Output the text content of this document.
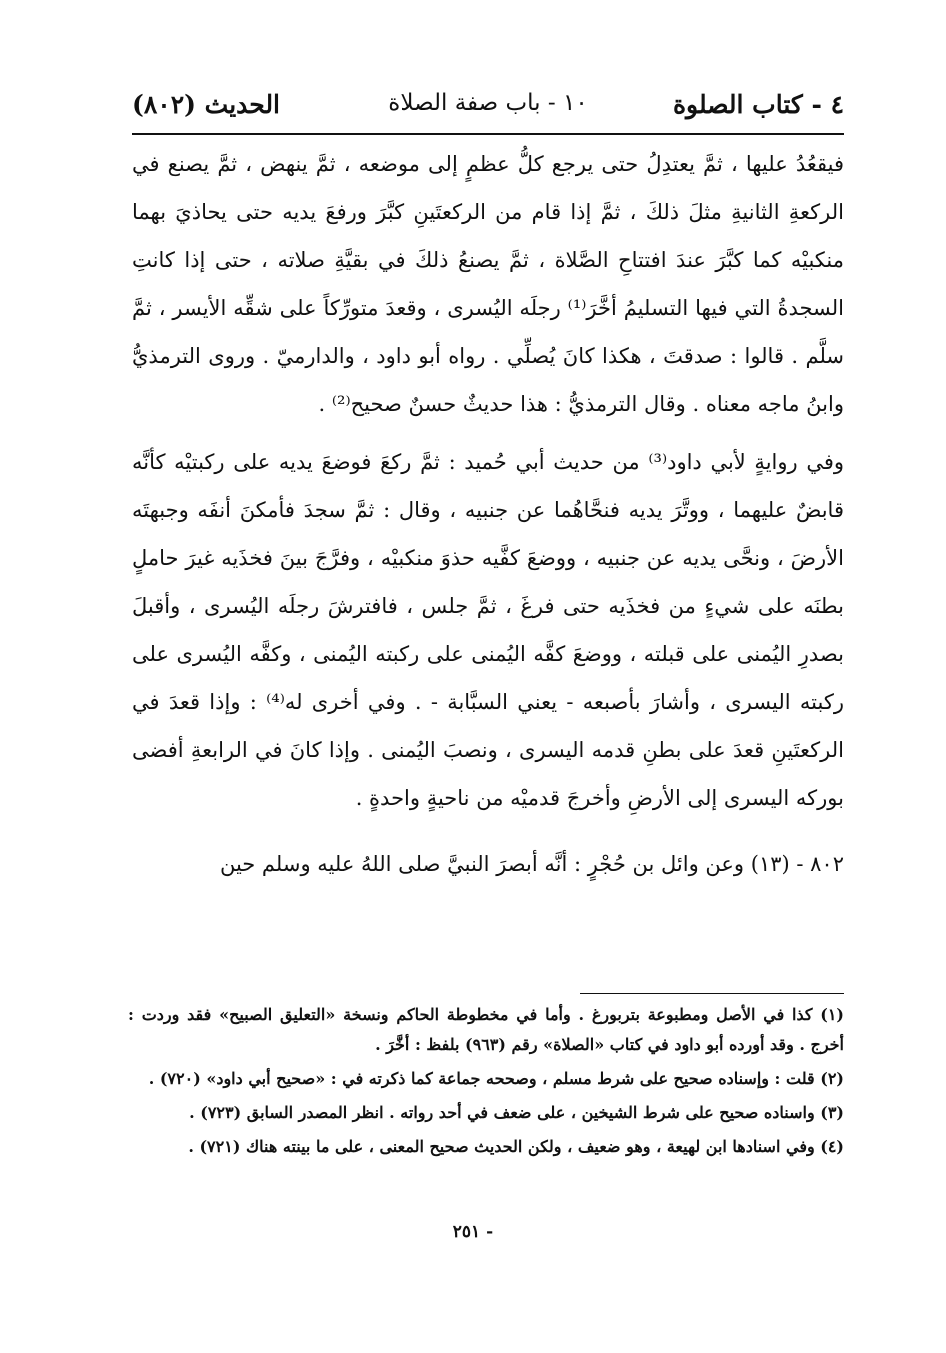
٤ - كتاب الصلوة
١٠ - باب صفة الصلاة
الحديث (٨٠٢)

فيقعُدُ عليها ، ثمَّ يعتدِلُ حتى يرجع كلُّ عظمٍ إلى موضعه ، ثمَّ ينهض ، ثمَّ يصنع في الركعةِ الثانيةِ مثلَ ذلكَ ، ثمَّ إذا قام من الركعتَينِ كبَّرَ ورفعَ يديه حتى يحاذيَ بهما منكبيْه كما كبَّرَ عندَ افتتاحِ الصَّلاة ، ثمَّ يصنعُ ذلكَ في بقيَّةِ صلاته ، حتى إذا كانتِ السجدةُ التي فيها التسليمُ أخَّرَ⁽¹⁾ رجلَه اليُسرى ، وقعدَ متورِّكاً على شقِّه الأيسر ، ثمَّ سلَّم . قالوا : صدقتَ ، هكذا كانَ يُصلِّي . رواه أبو داود ، والدارميّ . وروى الترمذيُّ وابنُ ماجه معناه . وقال الترمذيُّ : هذا حديثٌ حسنٌ صحيح⁽²⁾ .

وفي روايةٍ لأبي داود⁽³⁾ من حديث أبي حُميد : ثمَّ ركعَ فوضعَ يديه على ركبتيْه كأنَّه قابضٌ عليهما ، ووتَّرَ يديه فنحَّاهُما عن جنبيه ، وقال : ثمَّ سجدَ فأمكنَ أنفَه وجبهتَه الأرضَ ، ونحَّى يديه عن جنبيه ، ووضعَ كفَّيه حذوَ منكبيْه ، وفرَّجَ بينَ فخذَيه غيرَ حاملٍ بطنَه على شيءٍ من فخذَيه حتى فرغَ ، ثمَّ جلس ، فافترشَ رجلَه اليُسرى ، وأقبلَ بصدرِ اليُمنى على قبلته ، ووضعَ كفَّه اليُمنى على ركبته اليُمنى ، وكفَّه اليُسرى على ركبته اليسرى ، وأشارَ بأصبعه - يعني السبَّابة - . وفي أخرى له⁽⁴⁾ : وإذا قعدَ في الركعتَينِ قعدَ على بطنِ قدمه اليسرى ، ونصبَ اليُمنى . وإذا كانَ في الرابعةِ أفضى بوركه اليسرى إلى الأرضِ وأخرجَ قدميْه من ناحيةٍ واحدةٍ .

٨٠٢ - (١٣) وعن وائل بن حُجْرٍ : أنَّه أبصرَ النبيَّ صلى اللهُ عليه وسلم حين

(١) كذا في الأصل ومطبوعة بتربورغ . وأما في مخطوطة الحاكم ونسخة «التعليق الصبيح» فقد وردت : أخرج . وقد أورده أبو داود في كتاب «الصلاة» رقم (٩٦٣) بلفظ : أخَّرَ .

(٢) قلت : وإسناده صحيح على شرط مسلم ، وصححه جماعة كما ذكرته في : «صحيح أبي داود» (٧٢٠) .

(٣) واسناده صحيح على شرط الشيخين ، على ضعف في أحد رواته . انظر المصدر السابق (٧٢٣) .

(٤) وفي اسنادها ابن لهيعة ، وهو ضعيف ، ولكن الحديث صحيح المعنى ، على ما بينته هناك (٧٢١) .

- ٢٥١
